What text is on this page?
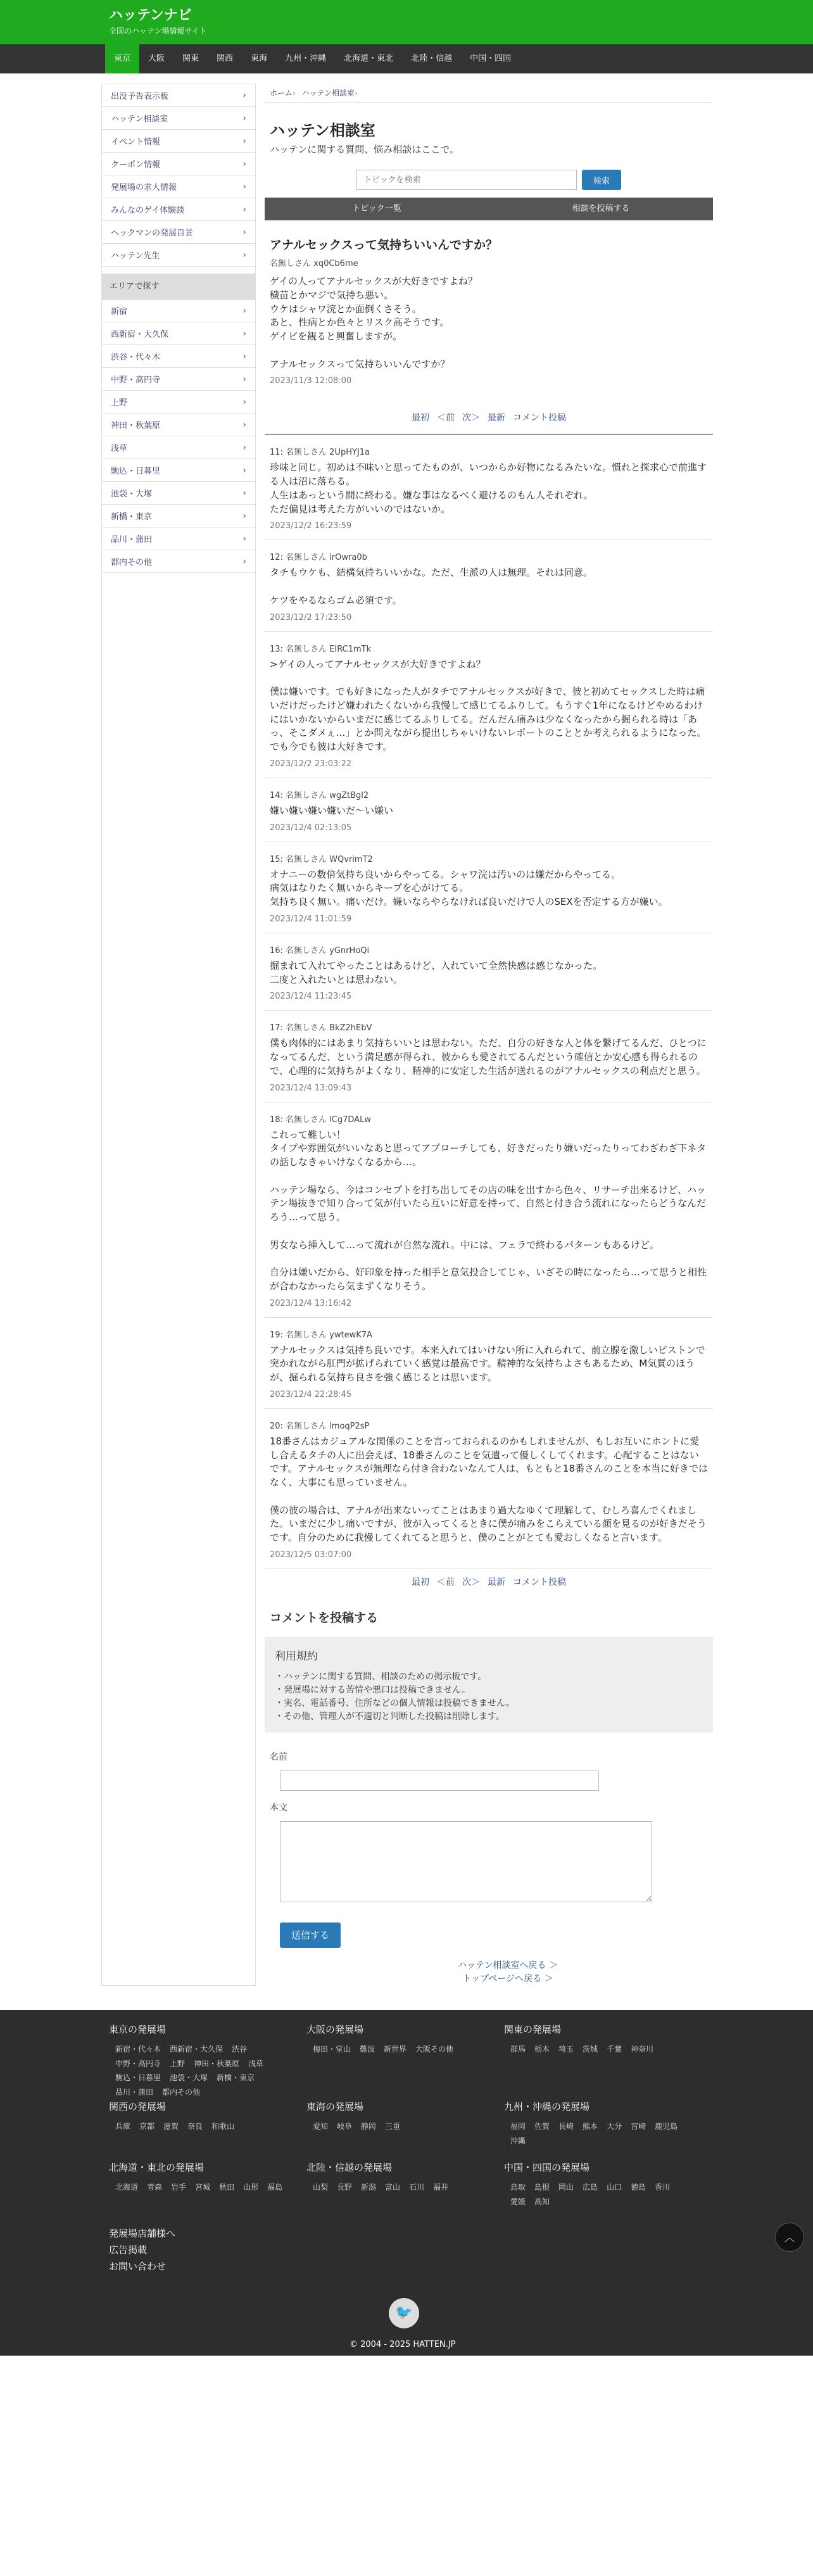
ハッテンナビ
全国のハッテン場情報サイト
東京	大阪	関東	関西	東海	九州・沖縄	北海道・東北	北陸・信越	中国・四国
出没予告表示板	›
ハッテン相談室	›
イベント情報	›
クーポン情報	›
発展場の求人情報	›
みんなのゲイ体験談	›
ヘックマンの発展百景	›
ハッテン先生	›
エリアで探す
新宿	›
西新宿・大久保	›
渋谷・代々木	›
中野・高円寺	›
上野	›
神田・秋葉原	›
浅草	›
駒込・日暮里	›
池袋・大塚	›
新橋・東京	›
品川・蒲田	›
都内その他	›
ホーム› ハッテン相談室›
ハッテン相談室
ハッテンに関する質問、悩み相談はここで。
トピックを検索
検索
トピック一覧	相談を投稿する
アナルセックスって気持ちいいんですか？
名無しさん xq0Cb6me
ゲイの人ってアナルセックスが大好きですよね？
穢苗とかマジで気持ち悪い。
ウケはシャワ浣とか面倒くさそう。
あと、性病とか色々とリスク高そうです。
ゲイビを観ると興奮しますが。

アナルセックスって気持ちいいんですか？
2023/11/3 12:08:00
最初 ＜前 次＞ 最新 コメント投稿
11: 名無しさん 2UpHYJ1a
珍味と同じ。初めは不味いと思ってたものが、いつからか好物になるみたいな。慣れと探求心で前進する人は沼に落ちる。
人生はあっという間に終わる。嫌な事はなるべく避けるのもん人それぞれ。
ただ偏見は考えた方がいいのではないか。
2023/12/2 16:23:59
12: 名無しさん irOwra0b
タチもウケも、結構気持ちいいかな。ただ、生派の人は無理。それは同意。

ケツをやるならゴム必須です。
2023/12/2 17:23:50
13: 名無しさん EIRC1mTk
>ゲイの人ってアナルセックスが大好きですよね？

僕は嫌いです。でも好きになった人がタチでアナルセックスが好きで、彼と初めてセックスした時は痛いだけだったけど嫌われたくないから我慢して感じてるふりして。もうすぐ1年になるけどやめるわけにはいかないからいまだに感じてるふりしてる。だんだん痛みは少なくなったから掘られる時は「あっ、そこダメぇ…」とか問えながら提出しちゃいけないレポートのこととか考えられるようになった。でも今でも彼は大好きです。
2023/12/2 23:03:22
14: 名無しさん wgZtBgl2
嫌い嫌い嫌い嫌いだ〜い嫌い
2023/12/4 02:13:05
15: 名無しさん WQvrimT2
オナニーの数倍気持ち良いからやってる。シャワ浣は汚いのは嫌だからやってる。
病気はなりたく無いからキープを心がけてる。
気持ち良く無い。痛いだけ。嫌いならやらなければ良いだけで人のSEXを否定する方が嫌い。
2023/12/4 11:01:59
16: 名無しさん yGnrHoQi
掘まれて入れてやったことはあるけど、入れていて全然快感は感じなかった。
二度と入れたいとは思わない。
2023/12/4 11:23:45
17: 名無しさん BkZ2hEbV
僕も肉体的にはあまり気持ちいいとは思わない。ただ、自分の好きな人と体を繋げてるんだ、ひとつになってるんだ、という満足感が得られ、彼からも愛されてるんだという確信とか安心感も得られるので、心理的に気持ちがよくなり、精神的に安定した生活が送れるのがアナルセックスの利点だと思う。
2023/12/4 13:09:43
18: 名無しさん lCg7DALw
これって難しい！
タイプや雰囲気がいいなあと思ってアプローチしても、好きだったり嫌いだったりってわざわざ下ネタの話しなきゃいけなくなるから…。

ハッテン場なら、今はコンセプトを打ち出してその店の味を出すから色々、リサーチ出来るけど、ハッテン場抜きで知り合って気が付いたら互いに好意を持って、自然と付き合う流れになったらどうなんだろう…って思う。

男女なら挿入して…って流れが自然な流れ。中には、フェラで終わるパターンもあるけど。

自分は嫌いだから、好印象を持った相手と意気投合してじゃ、いざその時になったら…って思うと相性が合わなかったら気まずくなりそう。
2023/12/4 13:16:42
19: 名無しさん ywtewK7A
アナルセックスは気持ち良いです。本来入れてはいけない所に入れられて、前立腺を激しいピストンで突かれながら肛門が拡げられていく感覚は最高です。精神的な気持ちよさもあるため、M気質のほうが、掘られる気持ち良さを強く感じるとは思います。
2023/12/4 22:28:45
20: 名無しさん lmoqP2sP
18番さんはカジュアルな関係のことを言っておられるのかもしれませんが、もしお互いにホントに愛し合えるタチの人に出会えば、18番さんのことを気遣って優しくしてくれます。心配することはないです。アナルセックスが無理なら付き合わないなんて人は、もともと18番さんのことを本当に好きではなく、大事にも思っていません。

僕の彼の場合は、アナルが出来ないってことはあまり過大なゆくて理解して、むしろ喜んでくれました。いまだに少し痛いですが、彼が入ってくるときに僕が痛みをこらえている顔を見るのが好きだそうです。自分のために我慢してくれてると思うと、僕のことがとても愛おしくなると言います。
2023/12/5 03:07:00
最初 ＜前 次＞ 最新 コメント投稿
コメントを投稿する
利用規約
・ハッテンに関する質問、相談のための掲示板です。
・発展場に対する苦情や悪口は投稿できません。
・実名、電話番号、住所などの個人情報は投稿できません。
・その他、管理人が不適切と判断した投稿は削除します。
名前
本文
送信する
ハッテン相談室へ戻る ＞
トップページへ戻る ＞
東京の発展場
新宿・代々木 西新宿・大久保 渋谷中野・高円寺 上野 神田・秋葉原 浅草駒込・日暮里 池袋・大塚 新橋・東京品川・蒲田 都内その他
大阪の発展場
梅田・堂山 難波 新世界 大阪その他
関東の発展場
群馬 栃木 埼玉 茨城 千葉 神奈川
関西の発展場
兵庫 京都 滋賀 奈良 和歌山
東海の発展場
愛知 岐阜 静岡 三重
九州・沖縄の発展場
福岡 佐賀 長崎 熊本 大分 宮崎 鹿児島沖縄
北海道・東北の発展場
北海道 青森 岩手 宮城 秋田 山形 福島
北陸・信越の発展場
山梨 長野 新潟 富山 石川 福井
中国・四国の発展場
鳥取 島根 岡山 広島 山口 徳島 香川愛媛 高知
発展場店舗様へ
広告掲載
お問い合わせ
🐦
© 2004 - 2025 HATTEN.JP
︿
